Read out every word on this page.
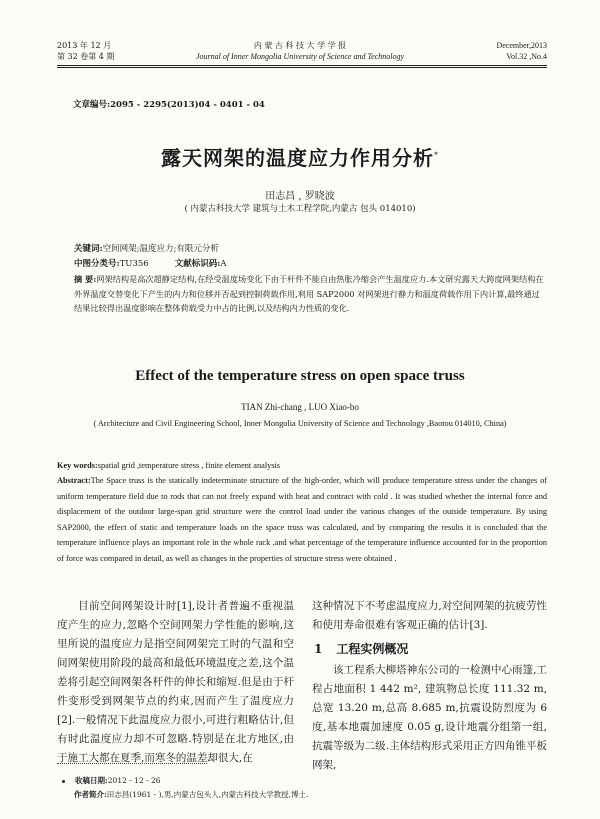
2013 年 12 月
第 32 卷第 4 期
内 蒙 古 科 技 大 学 学 报
Journal of Inner Mongolia University of Science and Technology
December,2013
Vol.32 ,No.4
文章编号:2095 - 2295(2013)04 - 0401 - 04
露天网架的温度应力作用分析*
田志昌 , 罗晓波
( 内蒙古科技大学 建筑与土木工程学院,内蒙古 包头 014010)
关键词:空间网架;温度应力;有限元分析
中图分类号:TU356	文献标识码:A
摘 要:网架结构是高次超静定结构,在经受温度场变化下由于杆件不能自由热胀冷缩会产生温度应力.本文研究露天大跨度网架结构在外界温度交替变化下产生的内力和位移并否起到控制荷载作用,利用 SAP2000 对网架进行静力和温度荷载作用下内计算,最终通过结果比较得出温度影响在整体荷载受力中占的比例,以及结构内力性质的变化.
Effect of the temperature stress on open space truss
TIAN Zhi-chang , LUO Xiao-bo
( Architecture and Civil Engineering School, Inner Mongolia University of Science and Technology ,Baotou 014010, China)
Key words:spatial grid ,temperature stress , finite element analysis
Abstract:The Space truss is the statically indeterminate structure of the high-order, which will produce temperature stress under the changes of uniform temperature field due to rods that can not freely expand with heat and contract with cold . It was studied whether the internal force and displacement of the outdoor large-span grid structure were the control load under the various changes of the outside temperature. By using SAP2000, the effect of static and temperature loads on the space truss was calculated, and by comparing the results it is concluded that the temperature influence plays an important role in the whole rack ,and what percentage of the temperature influence accounted for in the proportion of force was compared in detail, as well as changes in the properties of structure stress were obtained .
目前空间网架设计时[1],设计者普遍不重视温度产生的应力,忽略个空间网架力学性能的影响,这里所说的温度应力是指空间网架完工时的气温和空间网架使用阶段的最高和最低环境温度之差,这个温差将引起空间网架各杆件的伸长和缩短.但是由于杆件变形受到网架节点的约束,因而产生了温度应力[2].一般情况下此温度应力很小,可进行粗略估计,但有时此温度应力却不可忽略.特别是在北方地区,由于施工大都在夏季,而寒冬的温差却很大,在
这种情况下不考虑温度应力,对空间网架的抗疲劳性和使用寿命很难有客观正确的估计[3].
1 工程实例概况
该工程系大柳塔神东公司的一检测中心雨篷,工程占地面积 1 442 m², 建筑物总长度 111.32 m,总宽 13.20 m,总高 8.685 m,抗震设防烈度为 6 度,基本地震加速度 0.05 g,设计地震分组第一组,抗震等级为二级.主体结构形式采用正方四角锥平板网架,
收稿日期:2012 - 12 - 26
作者简介:田志昌(1961 - ),男,内蒙古包头人,内蒙古科技大学教授,博士.
